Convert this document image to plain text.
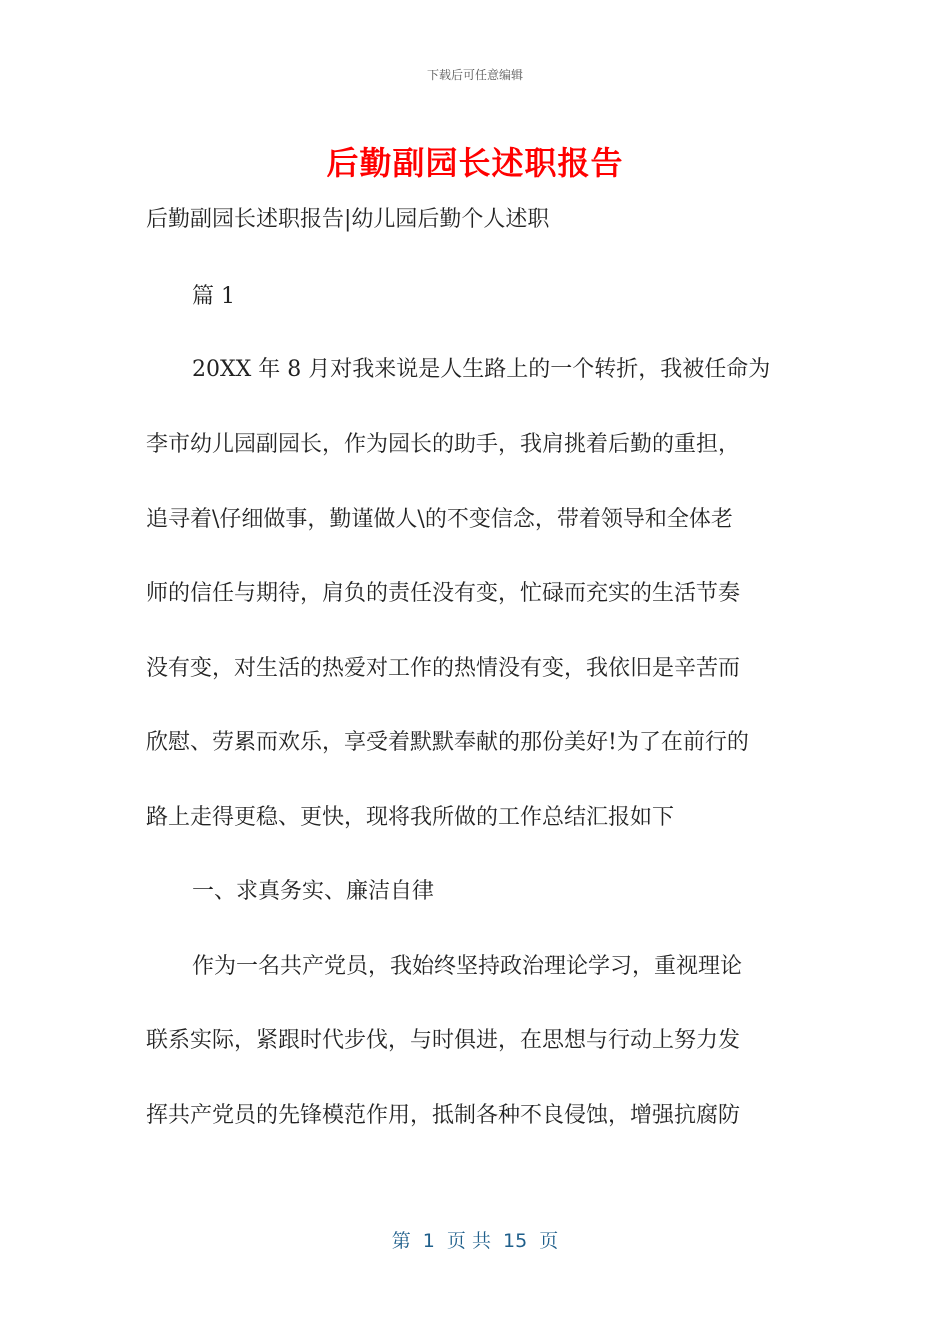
下载后可任意编辑
后勤副园长述职报告
后勤副园长述职报告|幼儿园后勤个人述职
篇 1
20XX 年 8 月对我来说是人生路上的一个转折，我被任命为
李市幼儿园副园长，作为园长的助手，我肩挑着后勤的重担，
追寻着\仔细做事，勤谨做人\的不变信念，带着领导和全体老
师的信任与期待，肩负的责任没有变，忙碌而充实的生活节奏
没有变，对生活的热爱对工作的热情没有变，我依旧是辛苦而
欣慰、劳累而欢乐，享受着默默奉献的那份美好!为了在前行的
路上走得更稳、更快，现将我所做的工作总结汇报如下
一、求真务实、廉洁自律
作为一名共产党员，我始终坚持政治理论学习，重视理论
联系实际，紧跟时代步伐，与时俱进，在思想与行动上努力发
挥共产党员的先锋模范作用，抵制各种不良侵蚀，增强抗腐防
第  1  页 共  15  页
